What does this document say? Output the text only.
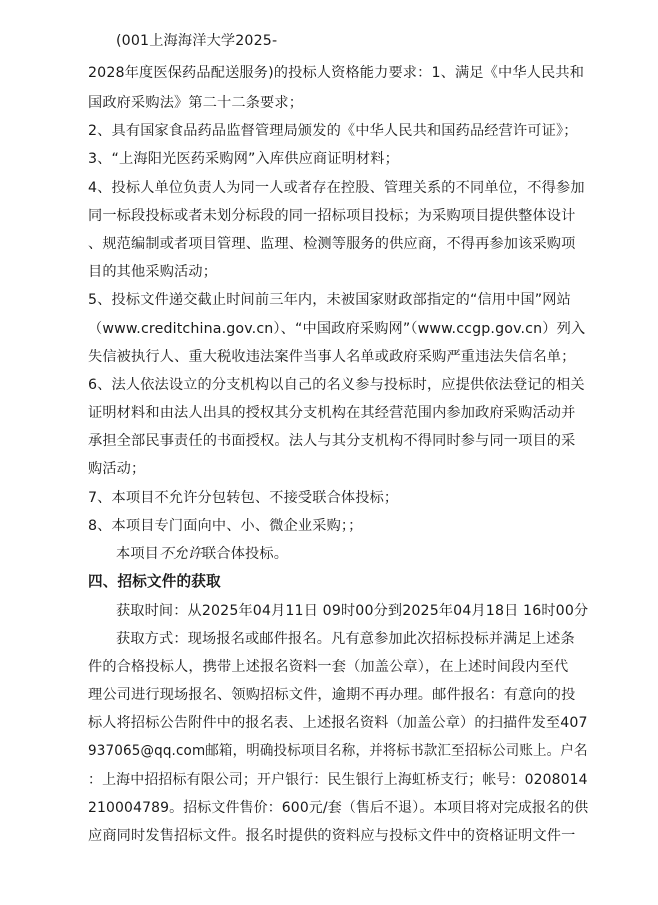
(001上海海洋大学2025-

2028年度医保药品配送服务)的投标人资格能力要求：1、满足《中华人民共和

国政府采购法》第二十二条要求；

2、具有国家食品药品监督管理局颁发的《中华人民共和国药品经营许可证》；

3、“上海阳光医药采购网”入库供应商证明材料；

4、投标人单位负责人为同一人或者存在控股、管理关系的不同单位，不得参加

同一标段投标或者未划分标段的同一招标项目投标；为采购项目提供整体设计

、规范编制或者项目管理、监理、检测等服务的供应商，不得再参加该采购项

目的其他采购活动；

5、投标文件递交截止时间前三年内，未被国家财政部指定的“信用中国”网站

（www.creditchina.gov.cn）、“中国政府采购网”（www.ccgp.gov.cn）列入

失信被执行人、重大税收违法案件当事人名单或政府采购严重违法失信名单；

6、法人依法设立的分支机构以自己的名义参与投标时，应提供依法登记的相关

证明材料和由法人出具的授权其分支机构在其经营范围内参加政府采购活动并

承担全部民事责任的书面授权。法人与其分支机构不得同时参与同一项目的采

购活动；

7、本项目不允许分包转包、不接受联合体投标；

8、本项目专门面向中、小、微企业采购；；

本项目不允许联合体投标。

四、招标文件的获取

获取时间：从2025年04月11日 09时00分到2025年04月18日 16时00分

获取方式：现场报名或邮件报名。凡有意参加此次招标投标并满足上述条

件的合格投标人，携带上述报名资料一套（加盖公章），在上述时间段内至代

理公司进行现场报名、领购招标文件，逾期不再办理。邮件报名：有意向的投

标人将招标公告附件中的报名表、上述报名资料（加盖公章）的扫描件发至407

937065@qq.com邮箱，明确投标项目名称，并将标书款汇至招标公司账上。户名

：上海中招招标有限公司；开户银行：民生银行上海虹桥支行；帐号：0208014

210004789。招标文件售价：600元/套（售后不退）。本项目将对完成报名的供

应商同时发售招标文件。报名时提供的资料应与投标文件中的资格证明文件一
